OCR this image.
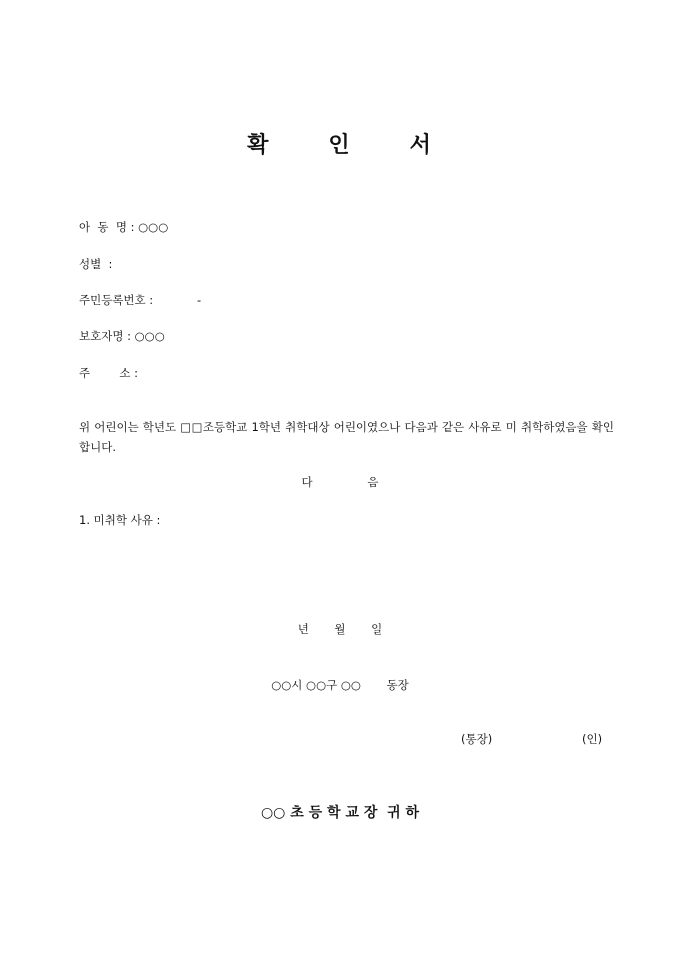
확      인      서
아  동  명 : ○○○
성별  :
주민등록번호 :            -
보호자명 : ○○○
주        소 :
위 어린이는 학년도 □□조등학교 1학년 취학대상 어린이였으나 다음과 같은 사유로 미 취학하였음을 확인합니다.
다               음
1. 미취학 사유 :
년       월       일
○○시 ○○구 ○○       동장
(통장)	(인)
○○ 초 등 학 교 장  귀 하
